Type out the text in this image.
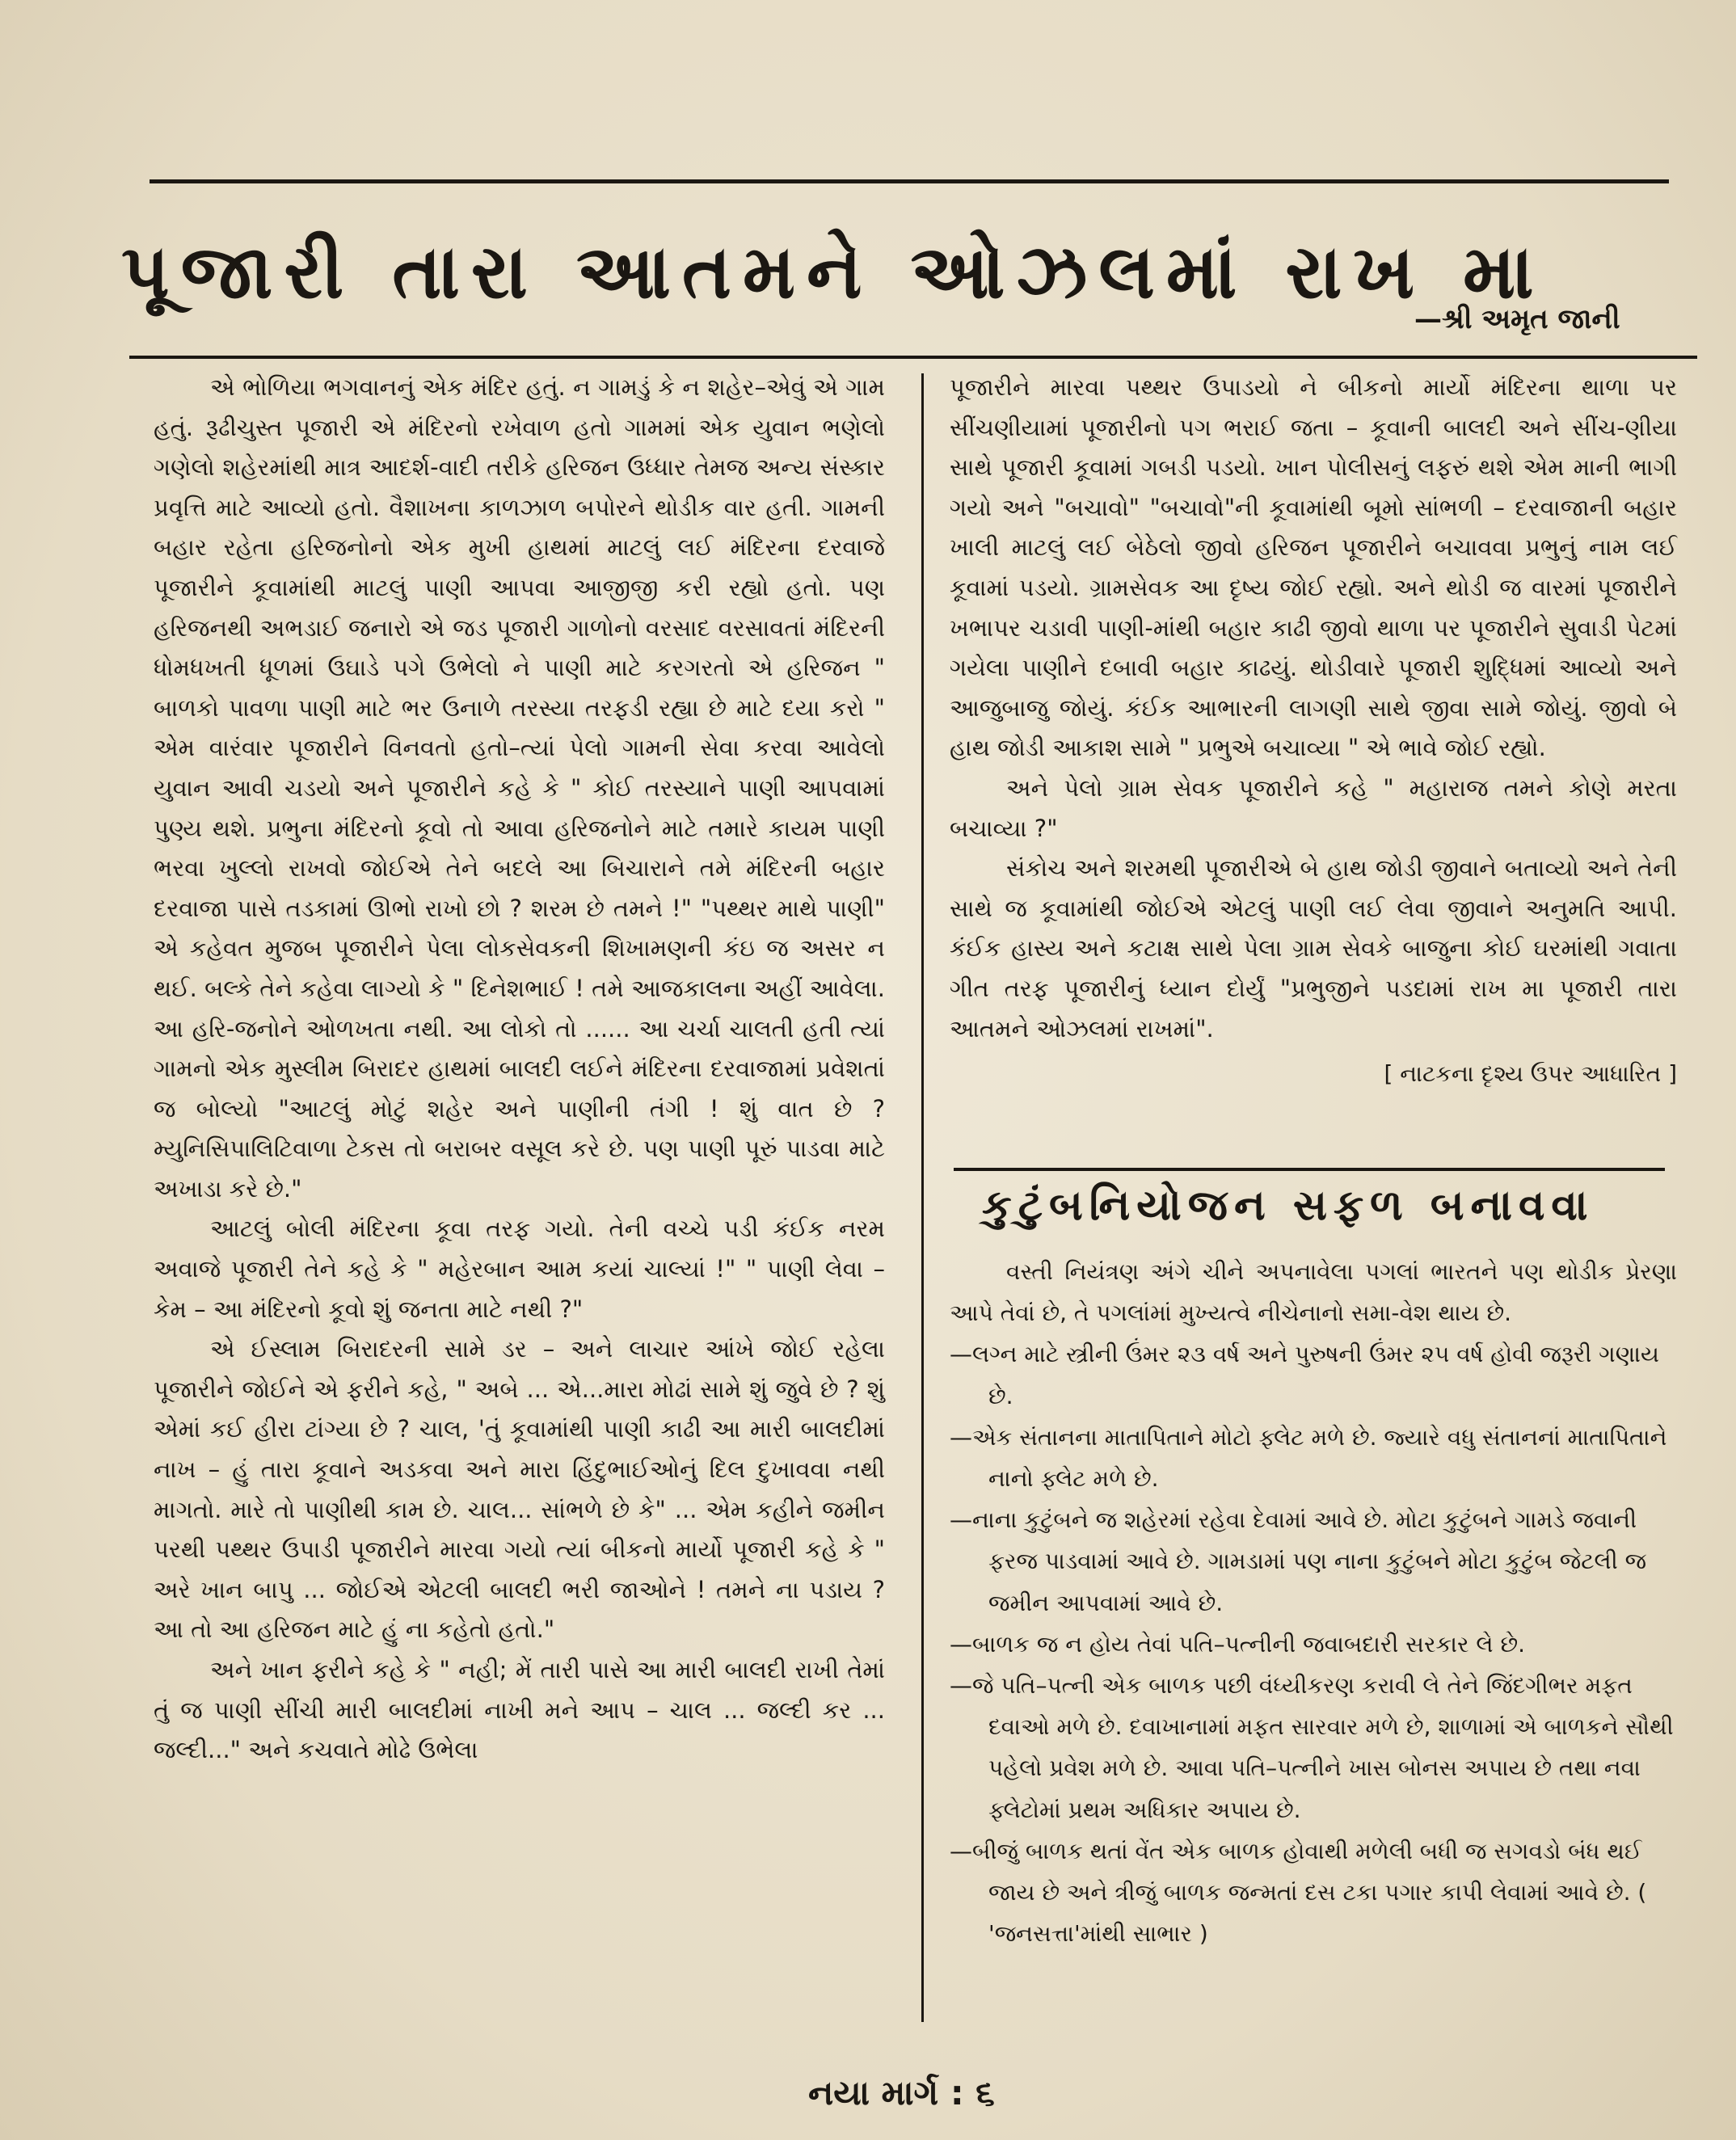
પૂજારી તારા આતમને ઓઝલમાં રાખ મા
—શ્રી અમૃત જાની

એ ભોળિયા ભગવાનનું એક મંદિર હતું. ન ગામડું કે ન શહેર–એવું એ ગામ હતું. રૂઢીચુસ્ત પૂજારી એ મંદિરનો રખેવાળ હતો ગામમાં એક યુવાન ભણેલો ગણેલો શહેરમાંથી માત્ર આદર્શ-વાદી તરીકે હરિજન ઉધ્ધાર તેમજ અન્ય સંસ્કાર પ્રવૃત્તિ માટે આવ્યો હતો. વૈશાખના કાળઝાળ બપોરને થોડીક વાર હતી. ગામની બહાર રહેતા હરિજનોનો એક મુખી હાથમાં માટલું લઈ મંદિરના દરવાજે પૂજારીને કૂવામાંથી માટલું પાણી આપવા આજીજી કરી રહ્યો હતો. પણ હરિજનથી અભડાઈ જનારો એ જડ પૂજારી ગાળોનો વરસાદ વરસાવતાં મંદિરની ધોમધખતી ધૂળમાં ઉઘાડે પગે ઉભેલો ને પાણી માટે કરગરતો એ હરિજન " બાળકો પાવળા પાણી માટે ભર ઉનાળે તરસ્યા તરફડી રહ્યા છે માટે દયા કરો " એમ વારંવાર પૂજારીને વિનવતો હતો–ત્યાં પેલો ગામની સેવા કરવા આવેલો યુવાન આવી ચડયો અને પૂજારીને કહે કે " કોઈ તરસ્યાને પાણી આપવામાં પુણ્ય થશે. પ્રભુના મંદિરનો કૂવો તો આવા હરિજનોને માટે તમારે કાયમ પાણી ભરવા ખુલ્લો રાખવો જોઈએ તેને બદલે આ બિચારાને તમે મંદિરની બહાર દરવાજા પાસે તડકામાં ઊભો રાખો છો ? શરમ છે તમને !" "પથ્થર માથે પાણી" એ કહેવત મુજબ પૂજારીને પેલા લોકસેવકની શિખામણની કંઇ જ અસર ન થઈ. બલ્કે તેને કહેવા લાગ્યો કે " દિનેશભાઈ ! તમે આજકાલના અહીં આવેલા. આ હરિ-જનોને ઓળખતા નથી. આ લોકો તો ...... આ ચર્ચા ચાલતી હતી ત્યાં ગામનો એક મુસ્લીમ બિરાદર હાથમાં બાલદી લઈને મંદિરના દરવાજામાં પ્રવેશતાં જ બોલ્યો "આટલું મોટું શહેર અને પાણીની તંગી ! શું વાત છે ? મ્યુનિસિપાલિટિવાળા ટેકસ તો બરાબર વસૂલ કરે છે. પણ પાણી પૂરું પાડવા માટે અખાડા કરે છે."

આટલું બોલી મંદિરના કૂવા તરફ ગયો. તેની વચ્ચે પડી કંઈક નરમ અવાજે પૂજારી તેને કહે કે " મહેરબાન આમ કયાં ચાલ્યાં !" " પાણી લેવા – કેમ – આ મંદિરનો કૂવો શું જનતા માટે નથી ?"

એ ઈસ્લામ બિરાદરની સામે ડર – અને લાચાર આંખે જોઈ રહેલા પૂજારીને જોઈને એ ફરીને કહે, " અબે ... એ...મારા મોઢાં સામે શું જુવે છે ? શું એમાં કઈ હીરા ટાંગ્યા છે ? ચાલ, 'તું કૂવામાંથી પાણી કાઢી આ મારી બાલદીમાં નાખ – હું તારા કૂવાને અડકવા અને મારા હિંદુભાઈઓનું દિલ દુખાવવા નથી માગતો. મારે તો પાણીથી કામ છે. ચાલ... સાંભળે છે કે" ... એમ કહીને જમીન પરથી પથ્થર ઉપાડી પૂજારીને મારવા ગયો ત્યાં બીકનો માર્યો પૂજારી કહે કે " અરે ખાન બાપુ ... જોઈએ એટલી બાલદી ભરી જાઓને ! તમને ના પડાય ? આ તો આ હરિજન માટે હું ના કહેતો હતો."

અને ખાન ફરીને કહે કે " નહી; મેં તારી પાસે આ મારી બાલદી રાખી તેમાં તું જ પાણી સીંચી મારી બાલદીમાં નાખી મને આપ – ચાલ ... જલ્દી કર ... જલ્દી..." અને કચવાતે મોઢે ઉભેલા

પૂજારીને મારવા પથ્થર ઉપાડયો ને બીકનો માર્યો મંદિરના થાળા પર સીંચણીયામાં પૂજારીનો પગ ભરાઈ જતા – કૂવાની બાલદી અને સીંચ-ણીયા સાથે પૂજારી કૂવામાં ગબડી પડયો. ખાન પોલીસનું લફરું થશે એમ માની ભાગી ગયો અને "બચાવો" "બચાવો"ની કૂવામાંથી બૂમો સાંભળી – દરવાજાની બહાર ખાલી માટલું લઈ બેઠેલો જીવો હરિજન પૂજારીને બચાવવા પ્રભુનું નામ લઈ કૂવામાં પડયો. ગ્રામસેવક આ દૃષ્ય જોઈ રહ્યો. અને થોડી જ વારમાં પૂજારીને ખભાપર ચડાવી પાણી-માંથી બહાર કાઢી જીવો થાળા પર પૂજારીને સુવાડી પેટમાં ગયેલા પાણીને દબાવી બહાર કાઢયું. થોડીવારે પૂજારી શુદ્ધિમાં આવ્યો અને આજુબાજુ જોયું. કંઈક આભારની લાગણી સાથે જીવા સામે જોયું. જીવો બે હાથ જોડી આકાશ સામે " પ્રભુએ બચાવ્યા " એ ભાવે જોઈ રહ્યો.

અને પેલો ગ્રામ સેવક પૂજારીને કહે " મહારાજ તમને કોણે મરતા બચાવ્યા ?"

સંકોચ અને શરમથી પૂજારીએ બે હાથ જોડી જીવાને બતાવ્યો અને તેની સાથે જ કૂવામાંથી જોઈએ એટલું પાણી લઈ લેવા જીવાને અનુમતિ આપી. કંઈક હાસ્ય અને કટાક્ષ સાથે પેલા ગ્રામ સેવકે બાજુના કોઈ ઘરમાંથી ગવાતા ગીત તરફ પૂજારીનું ધ્યાન દોર્યું "પ્રભુજીને પડદામાં રાખ મા પૂજારી તારા આતમને ઓઝલમાં રાખમાં".

[ નાટકના દૃશ્ય ઉપર આધારિત ]
કુટુંબનિયોજન સફળ બનાવવા

વસ્તી નિયંત્રણ અંગે ચીને અપનાવેલા પગલાં ભારતને પણ થોડીક પ્રેરણા આપે તેવાં છે, તે પગલાંમાં મુખ્યત્વે નીચેનાનો સમા-વેશ થાય છે.

—લગ્ન માટે સ્ત્રીની ઉંમર ૨૩ વર્ષ અને પુરુષની ઉંમર ૨૫ વર્ષ હોવી જરૂરી ગણાય છે.
—એક સંતાનના માતાપિતાને મોટો ફ્લેટ મળે છે. જ્યારે વધુ સંતાનનાં માતાપિતાને નાનો ફ્લેટ મળે છે.
—નાના કુટુંબને જ શહેરમાં રહેવા દેવામાં આવે છે. મોટા કુટુંબને ગામડે જવાની ફરજ પાડવામાં આવે છે. ગામડામાં પણ નાના કુટુંબને મોટા કુટુંબ જેટલી જ જમીન આપવામાં આવે છે.
—બાળક જ ન હોય તેવાં પતિ–પત્નીની જવાબદારી સરકાર લે છે.
—જે પતિ–પત્ની એક બાળક પછી વંધ્યીકરણ કરાવી લે તેને જિંદગીભર મફત દવાઓ મળે છે. દવાખાનામાં મફત સારવાર મળે છે, શાળામાં એ બાળકને સૌથી પહેલો પ્રવેશ મળે છે. આવા પતિ–પત્નીને ખાસ બોનસ અપાય છે તથા નવા ફ્લેટોમાં પ્રથમ અધિકાર અપાય છે.
—બીજું બાળક થતાં વેંત એક બાળક હોવાથી મળેલી બધી જ સગવડો બંધ થઈ જાય છે અને ત્રીજું બાળક જન્મતાં દસ ટકા પગાર કાપી લેવામાં આવે છે. ( 'જનસત્તા'માંથી સાભાર )
નયા માર્ગ : ૬
